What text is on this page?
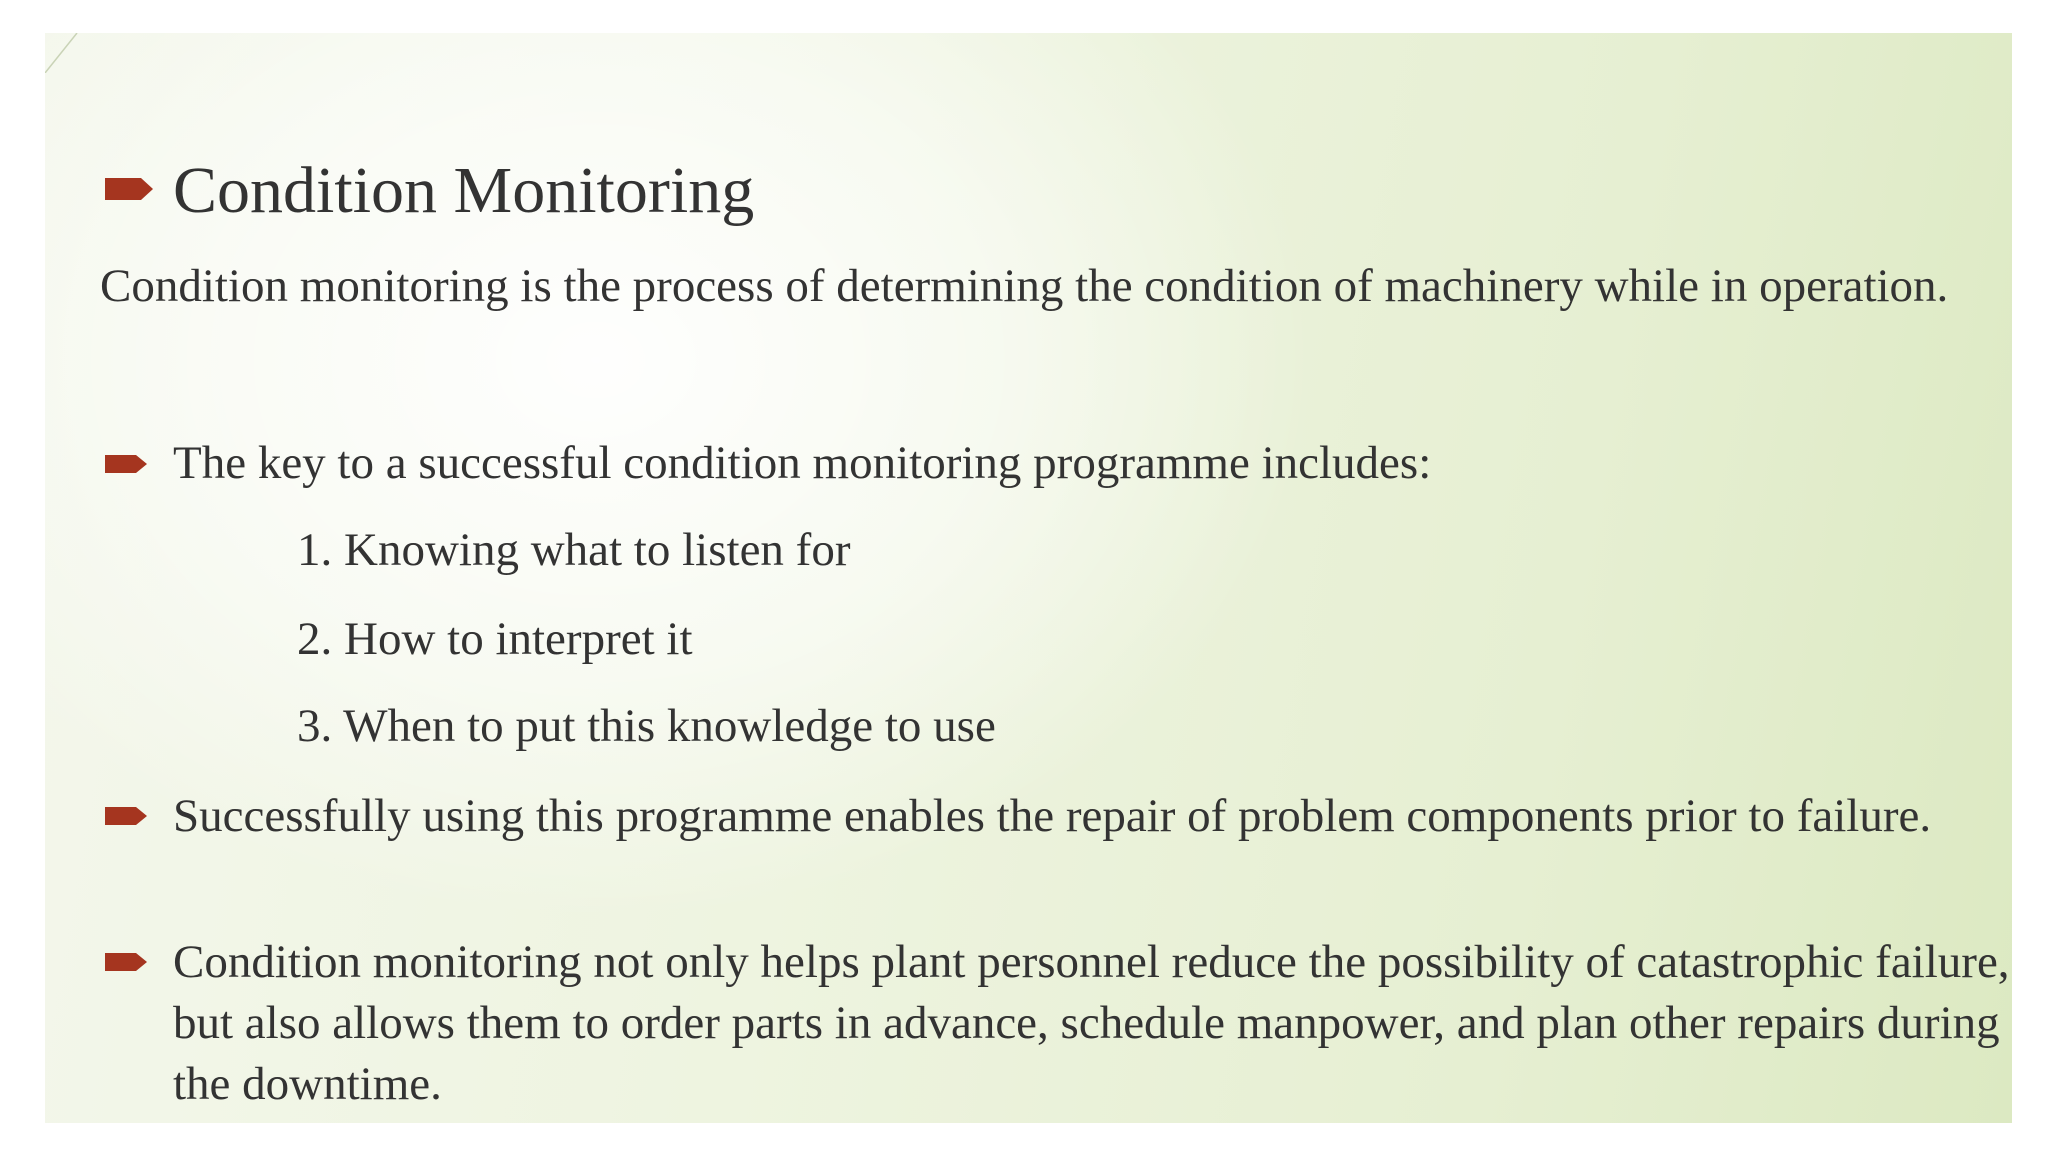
Condition Monitoring
Condition monitoring is the process of determining the condition of machinery while in operation.
The key to a successful condition monitoring programme includes:
1. Knowing what to listen for
2. How to interpret it
3. When to put this knowledge to use
Successfully using this programme enables the repair of problem components prior to failure.
Condition monitoring not only helps plant personnel reduce the possibility of catastrophic failure, but also allows them to order parts in advance, schedule manpower, and plan other repairs during the downtime.
